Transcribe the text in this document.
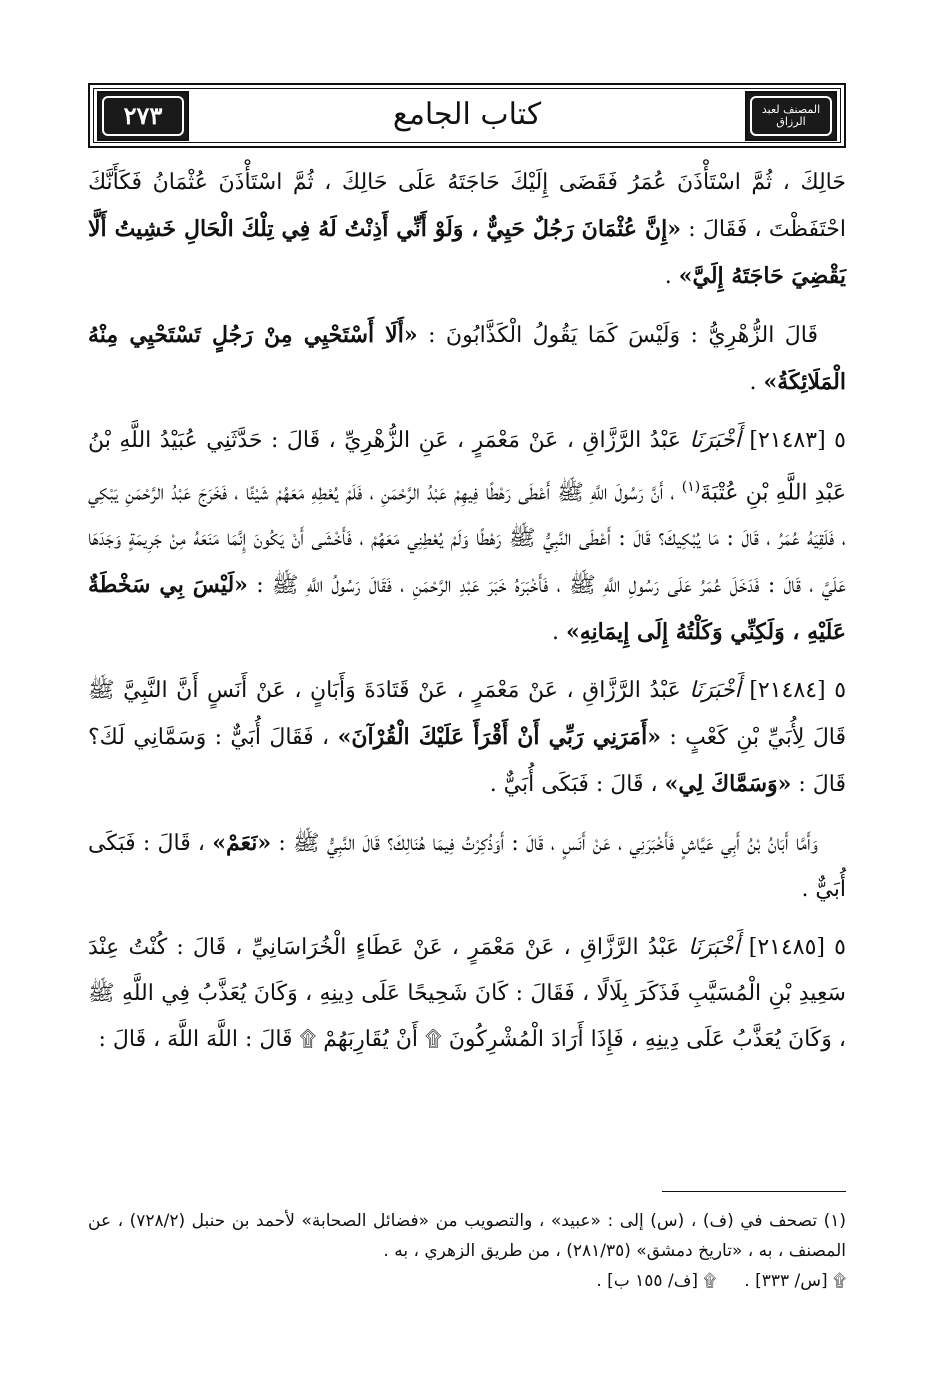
المصنف لعبد الرزاق
كتاب الجامع
٢٧٣

حَالِكَ ، ثُمَّ اسْتَأْذَنَ عُمَرُ فَقَضَى إِلَيْكَ حَاجَتَهُ عَلَى حَالِكَ ، ثُمَّ اسْتَأْذَنَ عُثْمَانُ فَكَأَنَّكَ احْتَفَظْتَ ، فَقَالَ : «إِنَّ عُثْمَانَ رَجُلٌ حَيِيٌّ ، وَلَوْ أَنِّي أَذِنْتُ لَهُ فِي تِلْكَ الْحَالِ خَشِيتُ أَلَّا يَقْضِيَ حَاجَتَهُ إِلَيَّ» .

قَالَ الزُّهْرِيُّ : وَلَيْسَ كَمَا يَقُولُ الْكَذَّابُونَ : «أَلَا أَسْتَحْيِي مِنْ رَجُلٍ تَسْتَحْيِي مِنْهُ الْمَلَائِكَةُ» .

٥ [٢١٤٨٣] أَخْبَرَنَا عَبْدُ الرَّزَّاقِ ، عَنْ مَعْمَرٍ ، عَنِ الزُّهْرِيِّ ، قَالَ : حَدَّثَنِي عُبَيْدُ اللَّهِ بْنُ عَبْدِ اللَّهِ بْنِ عُتْبَةَ$^{(١)}$ ، أَنَّ رَسُولَ اللَّهِ ﷺ أَعْطَى رَهْطًا فِيهِمْ عَبْدُ الرَّحْمَنِ ، فَلَمْ يُعْطِهِ مَعَهُمْ شَيْئًا ، فَخَرَجَ عَبْدُ الرَّحْمَنِ يَبْكِي ، فَلَقِيَهُ عُمَرُ ، قَالَ : مَا يُبْكِيكَ؟ قَالَ : أَعْطَى النَّبِيُّ ﷺ رَهْطًا وَلَمْ يُعْطِنِي مَعَهُمْ ، فَأَخْشَى أَنْ يَكُونَ إِنَّمَا مَنَعَهُ مِنْ جَرِيمَةٍ وَجَدَهَا عَلَيَّ ، قَالَ : فَدَخَلَ عُمَرُ عَلَى رَسُولِ اللَّهِ ﷺ ، فَأَخْبَرَهُ خَبَرَ عَبْدِ الرَّحْمَنِ ، فَقَالَ رَسُولُ اللَّهِ ﷺ : «لَيْسَ بِي سَخْطَةٌ عَلَيْهِ ، وَلَكِنِّي وَكَلْتُهُ إِلَى إِيمَانِهِ» .

٥ [٢١٤٨٤] أَخْبَرَنَا عَبْدُ الرَّزَّاقِ ، عَنْ مَعْمَرٍ ، عَنْ قَتَادَةَ وَأَبَانٍ ، عَنْ أَنَسٍ أَنَّ النَّبِيَّ ﷺ قَالَ لِأُبَيِّ بْنِ كَعْبٍ : «أَمَرَنِي رَبِّي أَنْ أَقْرَأَ عَلَيْكَ الْقُرْآنَ» ، فَقَالَ أُبَيٌّ : وَسَمَّانِي لَكَ؟ قَالَ : «وَسَمَّاكَ لِي» ، قَالَ : فَبَكَى أُبَيٌّ .

وَأَمَّا أَبَانُ بْنُ أَبِي عَيَّاشٍ فَأَخْبَرَنِي ، عَنْ أَنَسٍ ، قَالَ : أَوَذُكِرْتُ فِيمَا هُنَالِكَ؟ قَالَ النَّبِيُّ ﷺ : «نَعَمْ» ، قَالَ : فَبَكَى أُبَيٌّ .

٥ [٢١٤٨٥] أَخْبَرَنَا عَبْدُ الرَّزَّاقِ ، عَنْ مَعْمَرٍ ، عَنْ عَطَاءٍ الْخُرَاسَانِيِّ ، قَالَ : كُنْتُ عِنْدَ سَعِيدِ بْنِ الْمُسَيَّبِ فَذَكَرَ بِلَالًا ، فَقَالَ : كَانَ شَحِيحًا عَلَى دِينِهِ ، وَكَانَ يُعَذَّبُ فِي اللَّهِ ﷺ ، وَكَانَ يُعَذَّبُ عَلَى دِينِهِ ، فَإِذَا أَرَادَ الْمُشْرِكُونَ ۩ أَنْ يُقَارِبَهُمْ ۩ قَالَ : اللَّهَ اللَّهَ ، قَالَ :

(١) تصحف في (ف) ، (س) إلى : «عبيد» ، والتصويب من «فضائل الصحابة» لأحمد بن حنبل (٧٢٨/٢) ، عن المصنف ، به ، «تاريخ دمشق» (٢٨١/٣٥) ، من طريق الزهري ، به .
۩ [س/ ٣٣٣] .
۩ [ف/ ١٥٥ ب] .
